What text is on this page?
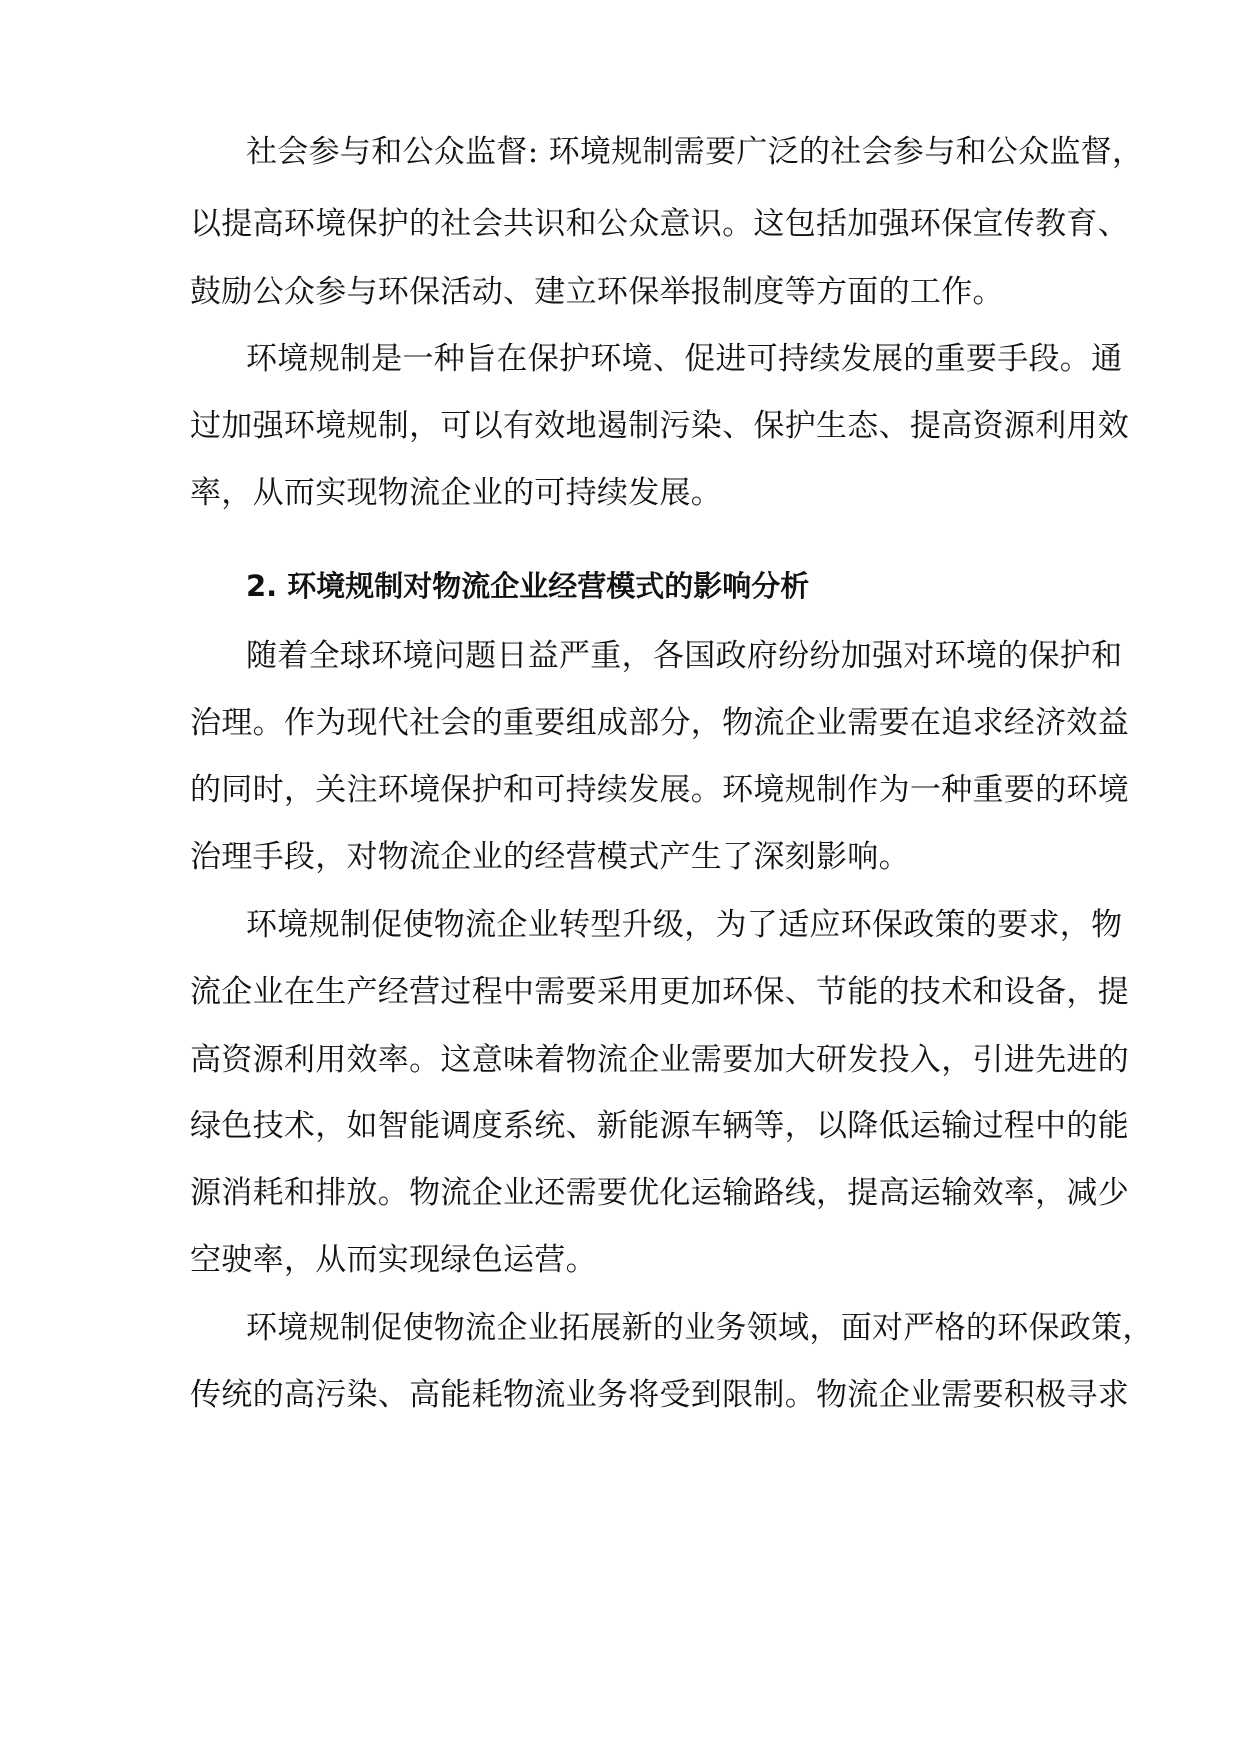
社会参与和公众监督: 环境规制需要广泛的社会参与和公众监督，
以提高环境保护的社会共识和公众意识。这包括加强环保宣传教育、
鼓励公众参与环保活动、建立环保举报制度等方面的工作。
环境规制是一种旨在保护环境、促进可持续发展的重要手段。通
过加强环境规制，可以有效地遏制污染、保护生态、提高资源利用效
率，从而实现物流企业的可持续发展。
2. 环境规制对物流企业经营模式的影响分析
随着全球环境问题日益严重，各国政府纷纷加强对环境的保护和
治理。作为现代社会的重要组成部分，物流企业需要在追求经济效益
的同时，关注环境保护和可持续发展。环境规制作为一种重要的环境
治理手段，对物流企业的经营模式产生了深刻影响。
环境规制促使物流企业转型升级，为了适应环保政策的要求，物
流企业在生产经营过程中需要采用更加环保、节能的技术和设备，提
高资源利用效率。这意味着物流企业需要加大研发投入，引进先进的
绿色技术，如智能调度系统、新能源车辆等，以降低运输过程中的能
源消耗和排放。物流企业还需要优化运输路线，提高运输效率，减少
空驶率，从而实现绿色运营。
环境规制促使物流企业拓展新的业务领域，面对严格的环保政策，
传统的高污染、高能耗物流业务将受到限制。物流企业需要积极寻求
